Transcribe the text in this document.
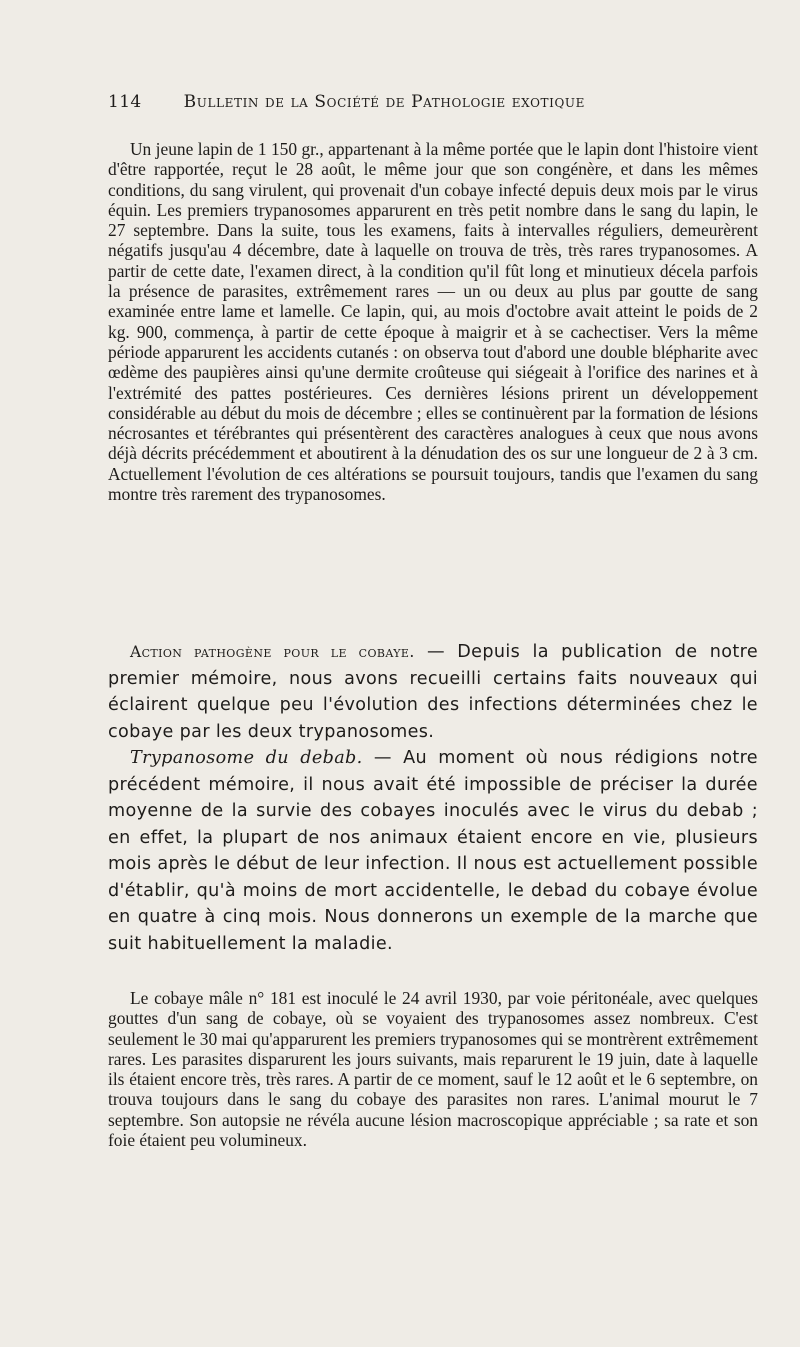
114 Bulletin de la Société de Pathologie exotique

Un jeune lapin de 1 150 gr., appartenant à la même portée que le lapin dont l'histoire vient d'être rapportée, reçut le 28 août, le même jour que son congénère, et dans les mêmes conditions, du sang virulent, qui provenait d'un cobaye infecté depuis deux mois par le virus équin. Les premiers trypanosomes apparurent en très petit nombre dans le sang du lapin, le 27 septembre. Dans la suite, tous les examens, faits à intervalles réguliers, demeurèrent négatifs jusqu'au 4 décembre, date à laquelle on trouva de très, très rares trypanosomes. A partir de cette date, l'examen direct, à la condition qu'il fût long et minutieux décela parfois la présence de parasites, extrêmement rares — un ou deux au plus par goutte de sang examinée entre lame et lamelle. Ce lapin, qui, au mois d'octobre avait atteint le poids de 2 kg. 900, commença, à partir de cette époque à maigrir et à se cachectiser. Vers la même période apparurent les accidents cutanés : on observa tout d'abord une double blépharite avec œdème des paupières ainsi qu'une dermite croûteuse qui siégeait à l'orifice des narines et à l'extrémité des pattes postérieures. Ces dernières lésions prirent un développement considérable au début du mois de décembre ; elles se continuèrent par la formation de lésions nécrosantes et térébrantes qui présentèrent des caractères analogues à ceux que nous avons déjà décrits précédemment et aboutirent à la dénudation des os sur une longueur de 2 à 3 cm. Actuellement l'évolution de ces altérations se poursuit toujours, tandis que l'examen du sang montre très rarement des trypanosomes.

Action pathogène pour le cobaye. — Depuis la publication de notre premier mémoire, nous avons recueilli certains faits nouveaux qui éclairent quelque peu l'évolution des infections déterminées chez le cobaye par les deux trypanosomes.

Trypanosome du debab. — Au moment où nous rédigions notre précédent mémoire, il nous avait été impossible de préciser la durée moyenne de la survie des cobayes inoculés avec le virus du debab ; en effet, la plupart de nos animaux étaient encore en vie, plusieurs mois après le début de leur infection. Il nous est actuellement possible d'établir, qu'à moins de mort accidentelle, le debad du cobaye évolue en quatre à cinq mois. Nous donnerons un exemple de la marche que suit habituellement la maladie.

Le cobaye mâle n° 181 est inoculé le 24 avril 1930, par voie péritonéale, avec quelques gouttes d'un sang de cobaye, où se voyaient des trypanosomes assez nombreux. C'est seulement le 30 mai qu'apparurent les premiers trypanosomes qui se montrèrent extrêmement rares. Les parasites disparurent les jours suivants, mais reparurent le 19 juin, date à laquelle ils étaient encore très, très rares. A partir de ce moment, sauf le 12 août et le 6 septembre, on trouva toujours dans le sang du cobaye des parasites non rares. L'animal mourut le 7 septembre. Son autopsie ne révéla aucune lésion macroscopique appréciable ; sa rate et son foie étaient peu volumineux.
